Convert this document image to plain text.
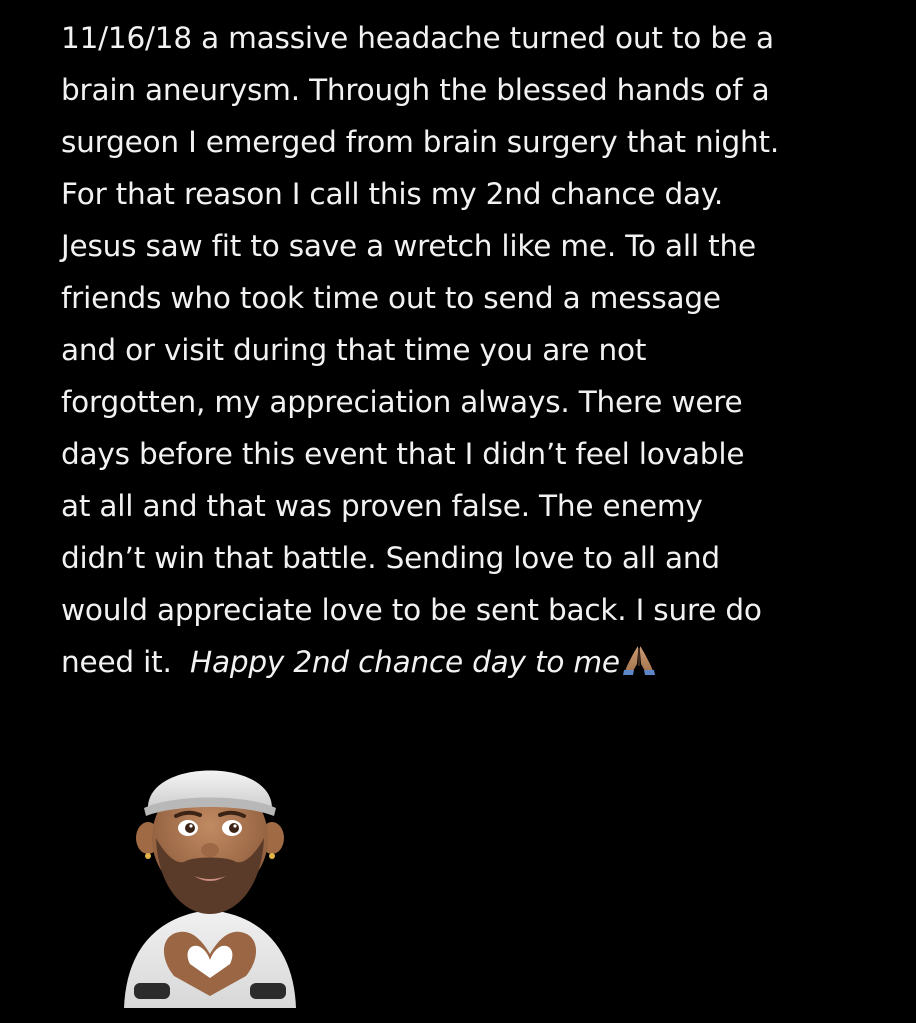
11/16/18 a massive headache turned out to be a
brain aneurysm. Through the blessed hands of a
surgeon I emerged from brain surgery that night.
For that reason I call this my 2nd chance day.
Jesus saw fit to save a wretch like me. To all the
friends who took time out to send a message
and or visit during that time you are not
forgotten, my appreciation always. There were
days before this event that I didn’t feel lovable
at all and that was proven false. The enemy
didn’t win that battle. Sending love to all and
would appreciate love to be sent back. I sure do
need it.  Happy 2nd chance day to me
